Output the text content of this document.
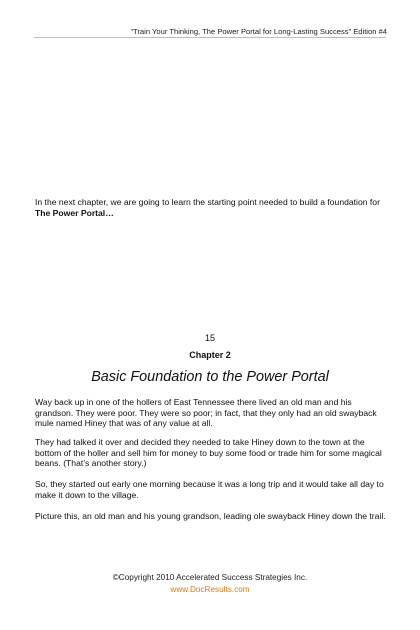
“Train Your Thinking, The Power Portal for Long-Lasting Success” Edition #4

In the next chapter, we are going to learn the starting point needed to build a foundation for The Power Portal…

15
Chapter 2
Basic Foundation to the Power Portal

Way back up in one of the hollers of East Tennessee there lived an old man and his grandson. They were poor. They were so poor; in fact, that they only had an old swayback mule named Hiney that was of any value at all.

They had talked it over and decided they needed to take Hiney down to the town at the bottom of the holler and sell him for money to buy some food or trade him for some magical beans. (That’s another story.)

So, they started out early one morning because it was a long trip and it would take all day to make it down to the village.

Picture this, an old man and his young grandson, leading ole swayback Hiney down the trail.

©Copyright 2010 Accelerated Success Strategies Inc.
www.DocResults.com
